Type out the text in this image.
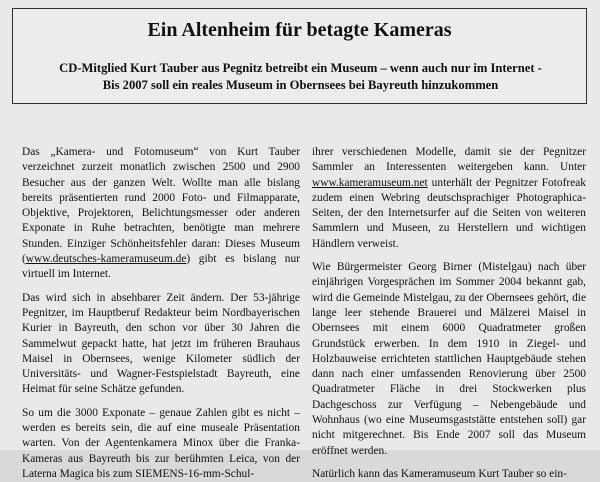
Ein Altenheim für betagte Kameras
CD-Mitglied Kurt Tauber aus Pegnitz betreibt ein Museum – wenn auch nur im Internet -
Bis 2007 soll ein reales Museum in Obernsees bei Bayreuth hinzukommen

Das „Kamera- und Fotomuseum“ von Kurt Tauber verzeichnet zurzeit monatlich zwischen 2500 und 2900 Besucher aus der ganzen Welt. Wollte man alle bislang bereits präsentierten rund 2000 Foto- und Filmapparate, Objektive, Projektoren, Belichtungsmesser oder anderen Exponate in Ruhe betrachten, benötigte man mehrere Stunden. Einziger Schönheitsfehler daran: Dieses Museum (www.deutsches-kameramuseum.de) gibt es bislang nur virtuell im Internet.

Das wird sich in absehbarer Zeit ändern. Der 53-jährige Pegnitzer, im Hauptberuf Redakteur beim Nordbayerischen Kurier in Bayreuth, den schon vor über 30 Jahren die Sammelwut gepackt hatte, hat jetzt im früheren Brauhaus Maisel in Obernsees, wenige Kilometer südlich der Universitäts- und Wagner-Festspielstadt Bayreuth, eine Heimat für seine Schätze gefunden.

So um die 3000 Exponate – genaue Zahlen gibt es nicht – werden es bereits sein, die auf eine museale Präsentation warten. Von der Agentenkamera Minox über die Franka-Kameras aus Bayreuth bis zur berühmten Leica, von der Laterna Magica bis zum SIEMENS-16-mm-Schul-

ihrer verschiedenen Modelle, damit sie der Pegnitzer Sammler an Interessenten weitergeben kann. Unter www.kameramuseum.net unterhält der Pegnitzer Fotofreak zudem einen Webring deutschsprachiger Photographica-Seiten, der den Internetsurfer auf die Seiten von weiteren Sammlern und Museen, zu Herstellern und wichtigen Händlern verweist.

Wie Bürgermeister Georg Birner (Mistelgau) nach über einjährigen Vorgesprächen im Sommer 2004 bekannt gab, wird die Gemeinde Mistelgau, zu der Obernsees gehört, die lange leer stehende Brauerei und Mälzerei Maisel in Obernsees mit einem 6000 Quadratmeter großen Grundstück erwerben. In dem 1910 in Ziegel- und Holzbauweise errichteten stattlichen Hauptgebäude stehen dann nach einer umfassenden Renovierung über 2500 Quadratmeter Fläche in drei Stockwerken plus Dachgeschoss zur Verfügung – Nebengebäude und Wohnhaus (wo eine Museumsgaststätte entstehen soll) gar nicht mitgerechnet. Bis Ende 2007 soll das Museum eröffnet werden.

Natürlich kann das Kameramuseum Kurt Tauber so ein-
